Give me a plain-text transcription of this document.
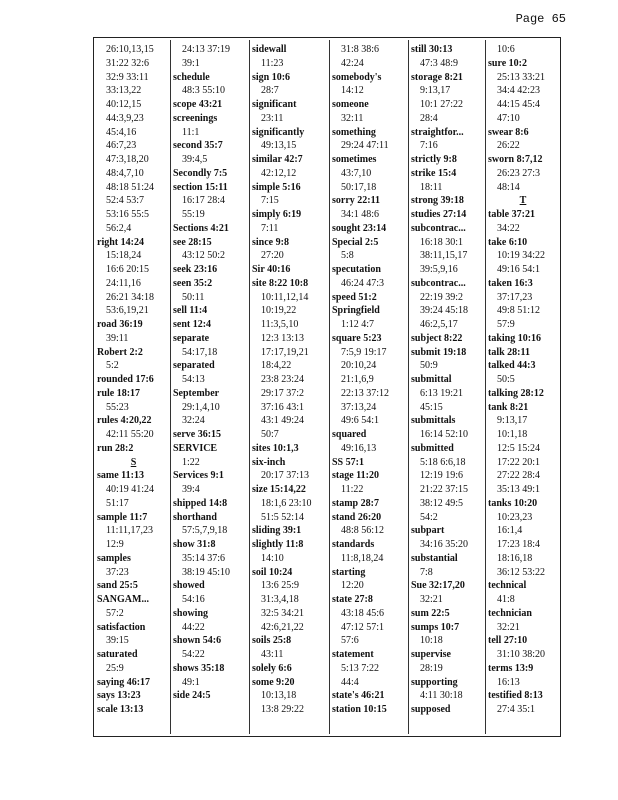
Page 65
26:10,13,15
31:22 32:6
32:9 33:11
33:13,22
40:12,15
44:3,9,23
45:4,16
46:7,23
47:3,18,20
48:4,7,10
48:18 51:24
52:4 53:7
53:16 55:5
56:2,4
right 14:24
15:18,24
16:6 20:15
24:11,16
26:21 34:18
53:6,19,21
road 36:19
39:11
Robert 2:2
5:2
rounded 17:6
rule 18:17
55:23
rules 4:20,22
42:11 55:20
run 28:2
S
same 11:13
40:19 41:24
51:17
sample 11:7
11:11,17,23
12:9
samples
37:23
sand 25:5
SANGAM...
57:2
satisfaction
39:15
saturated
25:9
saying 46:17
says 13:23
scale 13:13
24:13 37:19
39:1
schedule
48:3 55:10
scope 43:21
screenings
11:1
second 35:7
39:4,5
Secondly 7:5
section 15:11
16:17 28:4
55:19
Sections 4:21
see 28:15
43:12 50:2
seek 23:16
seen 35:2
50:11
sell 11:4
sent 12:4
separate
54:17,18
separated
54:13
September
29:1,4,10
32:24
serve 36:15
SERVICE
1:22
Services 9:1
39:4
shipped 14:8
shorthand
57:5,7,9,18
show 31:8
35:14 37:6
38:19 45:10
showed
54:16
showing
44:22
shown 54:6
54:22
shows 35:18
49:1
side 24:5
sidewall
11:23
sign 10:6
28:7
significant
23:11
significantly
49:13,15
similar 42:7
42:12,12
simple 5:16
7:15
simply 6:19
7:11
since 9:8
27:20
Sir 40:16
site 8:22 10:8
10:11,12,14
10:19,22
11:3,5,10
12:3 13:13
17:17,19,21
18:4,22
23:8 23:24
29:17 37:2
37:16 43:1
43:1 49:24
50:7
sites 10:1,3
six-inch
20:17 37:13
size 15:14,22
18:1,6 23:10
51:5 52:14
sliding 39:1
slightly 11:8
14:10
soil 10:24
13:6 25:9
31:3,4,18
32:5 34:21
42:6,21,22
soils 25:8
43:11
solely 6:6
some 9:20
10:13,18
13:8 29:22
31:8 38:6
42:24
somebody's
14:12
someone
32:11
something
29:24 47:11
sometimes
43:7,10
50:17,18
sorry 22:11
34:1 48:6
sought 23:14
Special 2:5
5:8
specutation
46:24 47:3
speed 51:2
Springfield
1:12 4:7
square 5:23
7:5,9 19:17
20:10,24
21:1,6,9
22:13 37:12
37:13,24
49:6 54:1
squared
49:16,13
SS 57:1
stage 11:20
11:22
stamp 28:7
stand 26:20
48:8 56:12
standards
11:8,18,24
starting
12:20
state 27:8
43:18 45:6
47:12 57:1
57:6
statement
5:13 7:22
44:4
state's 46:21
station 10:15
still 30:13
47:3 48:9
storage 8:21
9:13,17
10:1 27:22
28:4
straightfor...
7:16
strictly 9:8
strike 15:4
18:11
strong 39:18
studies 27:14
subcontrac...
16:18 30:1
38:11,15,17
39:5,9,16
subcontrac...
22:19 39:2
39:24 45:18
46:2,5,17
subject 8:22
submit 19:18
50:9
submittal
6:13 19:21
45:15
submittals
16:14 52:10
submitted
5:18 6:6,18
12:19 19:6
21:22 37:15
38:12 49:5
54:2
subpart
34:16 35:20
substantial
7:8
Sue 32:17,20
32:21
sum 22:5
sumps 10:7
10:18
supervise
28:19
supporting
4:11 30:18
supposed
10:6
sure 10:2
25:13 33:21
34:4 42:23
44:15 45:4
47:10
swear 8:6
26:22
sworn 8:7,12
26:23 27:3
48:14
T
table 37:21
34:22
take 6:10
10:19 34:22
49:16 54:1
taken 16:3
37:17,23
49:8 51:12
57:9
taking 10:16
talk 28:11
talked 44:3
50:5
talking 28:12
tank 8:21
9:13,17
10:1,18
12:5 15:24
17:22 20:1
27:22 28:4
35:13 49:1
tanks 10:20
10:23,23
16:1,4
17:23 18:4
18:16,18
36:12 53:22
technical
41:8
technician
32:21
tell 27:10
31:10 38:20
terms 13:9
16:13
testified 8:13
27:4 35:1
